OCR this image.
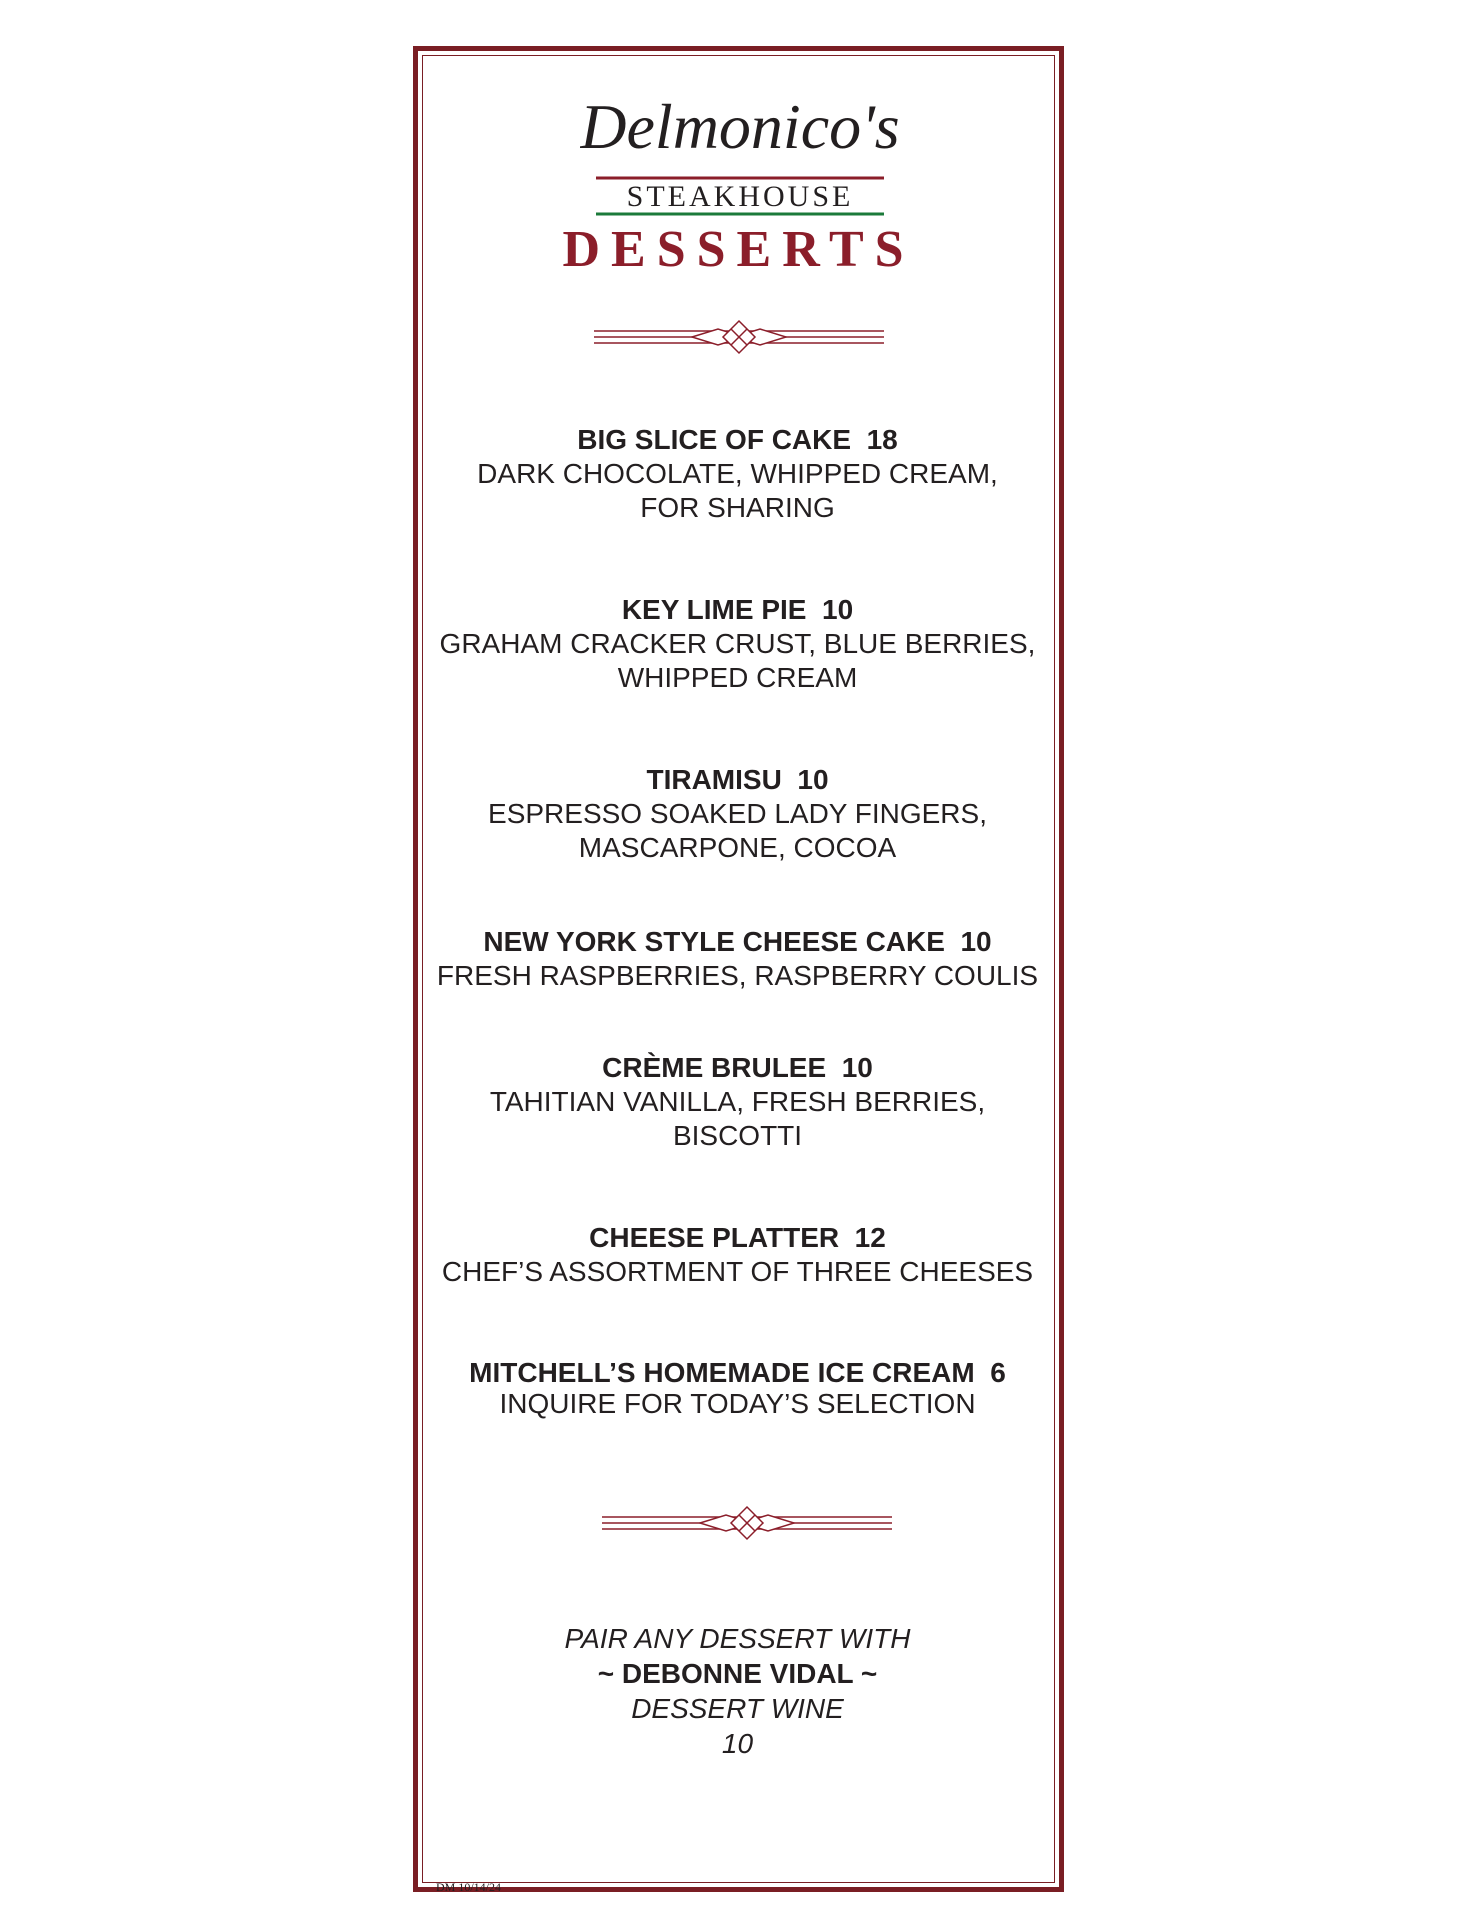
Delmonico's
STEAKHOUSE
DESSERTS
BIG SLICE OF CAKE  18
DARK CHOCOLATE, WHIPPED CREAM,
FOR SHARING
KEY LIME PIE  10
GRAHAM CRACKER CRUST, BLUE BERRIES,
WHIPPED CREAM
TIRAMISU  10
ESPRESSO SOAKED LADY FINGERS,
MASCARPONE, COCOA
NEW YORK STYLE CHEESE CAKE  10
FRESH RASPBERRIES, RASPBERRY COULIS
CRÈME BRULEE  10
TAHITIAN VANILLA, FRESH BERRIES,
BISCOTTI
CHEESE PLATTER  12
CHEF’S ASSORTMENT OF THREE CHEESES
MITCHELL’S HOMEMADE ICE CREAM  6
INQUIRE FOR TODAY’S SELECTION
PAIR ANY DESSERT WITH
~ DEBONNE VIDAL ~
DESSERT WINE
10
DM 10/14/24
